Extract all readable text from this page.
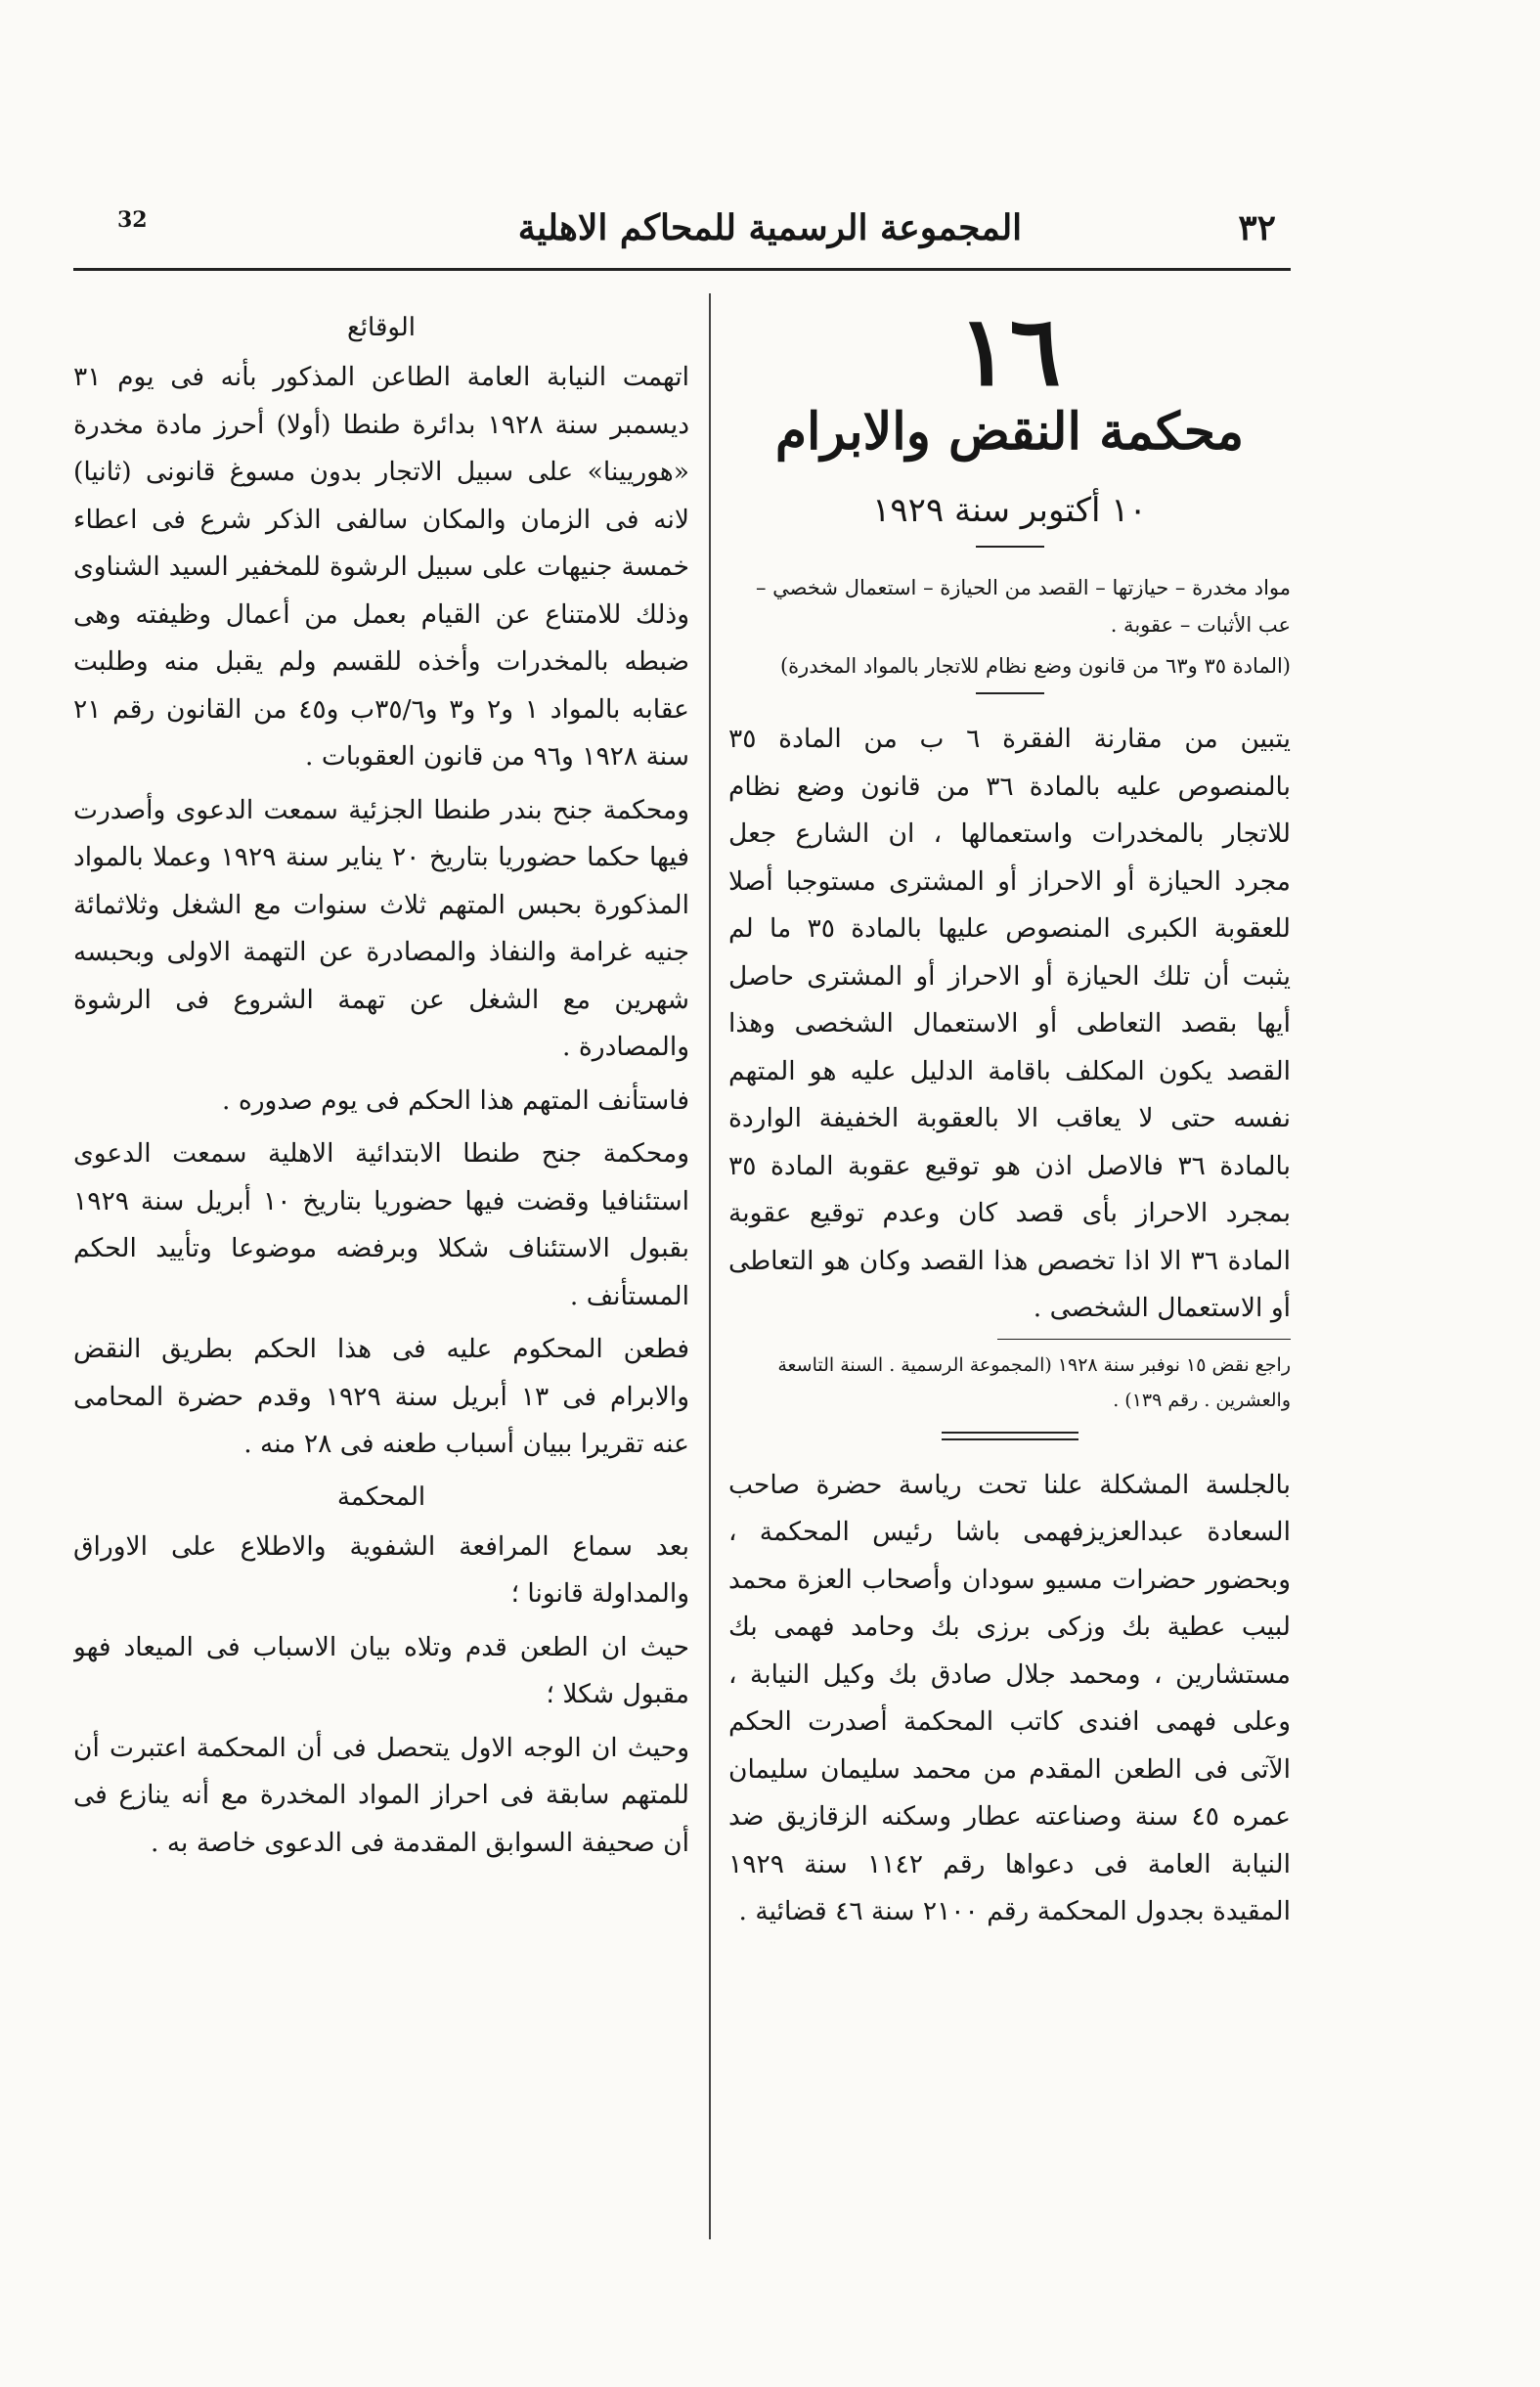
32	المجموعة الرسمية للمحاكم الاهلية	٣٢
١٦
محكمة النقض والابرام
١٠ أكتوبر سنة ١٩٢٩

مواد مخدرة – حيازتها – القصد من الحيازة – استعمال شخصي – عب الأثبات – عقوبة .

(المادة ٣٥ و٦٣ من قانون وضع نظام للاتجار بالمواد المخدرة)

يتبين من مقارنة الفقرة ٦ ب من المادة ٣٥ بالمنصوص عليه بالمادة ٣٦ من قانون وضع نظام للاتجار بالمخدرات واستعمالها ، ان الشارع جعل مجرد الحيازة أو الاحراز أو المشترى مستوجبا أصلا للعقوبة الكبرى المنصوص عليها بالمادة ٣٥ ما لم يثبت أن تلك الحيازة أو الاحراز أو المشترى حاصل أيها بقصد التعاطى أو الاستعمال الشخصى وهذا القصد يكون المكلف باقامة الدليل عليه هو المتهم نفسه حتى لا يعاقب الا بالعقوبة الخفيفة الواردة بالمادة ٣٦ فالاصل اذن هو توقيع عقوبة المادة ٣٥ بمجرد الاحراز بأى قصد كان وعدم توقيع عقوبة المادة ٣٦ الا اذا تخصص هذا القصد وكان هو التعاطى أو الاستعمال الشخصى .

راجع نقض ١٥ نوفبر سنة ١٩٢٨ (المجموعة الرسمية . السنة التاسعة والعشرين . رقم ١٣٩) .

بالجلسة المشكلة علنا تحت رياسة حضرة صاحب السعادة عبدالعزيزفهمى باشا رئيس المحكمة ، وبحضور حضرات مسيو سودان وأصحاب العزة محمد لبيب عطية بك وزكى برزى بك وحامد فهمى بك مستشارين ، ومحمد جلال صادق بك وكيل النيابة ، وعلى فهمى افندى كاتب المحكمة أصدرت الحكم الآتى فى الطعن المقدم من محمد سليمان سليمان عمره ٤٥ سنة وصناعته عطار وسكنه الزقازيق ضد النيابة العامة فى دعواها رقم ١١٤٢ سنة ١٩٢٩ المقيدة بجدول المحكمة رقم ٢١٠٠ سنة ٤٦ قضائية .

الوقائع

اتهمت النيابة العامة الطاعن المذكور بأنه فى يوم ٣١ ديسمبر سنة ١٩٢٨ بدائرة طنطا (أولا) أحرز مادة مخدرة «هوريينا» على سبيل الاتجار بدون مسوغ قانونى (ثانيا) لانه فى الزمان والمكان سالفى الذكر شرع فى اعطاء خمسة جنيهات على سبيل الرشوة للمخفير السيد الشناوى وذلك للامتناع عن القيام بعمل من أعمال وظيفته وهى ضبطه بالمخدرات وأخذه للقسم ولم يقبل منه وطلبت عقابه بالمواد ١ و٢ و٣ و٣٥/٦ب و٤٥ من القانون رقم ٢١ سنة ١٩٢٨ و٩٦ من قانون العقوبات .

ومحكمة جنح بندر طنطا الجزئية سمعت الدعوى وأصدرت فيها حكما حضوريا بتاريخ ٢٠ يناير سنة ١٩٢٩ وعملا بالمواد المذكورة بحبس المتهم ثلاث سنوات مع الشغل وثلاثمائة جنيه غرامة والنفاذ والمصادرة عن التهمة الاولى وبحبسه شهرين مع الشغل عن تهمة الشروع فى الرشوة والمصادرة .

فاستأنف المتهم هذا الحكم فى يوم صدوره .

ومحكمة جنح طنطا الابتدائية الاهلية سمعت الدعوى استئنافيا وقضت فيها حضوريا بتاريخ ١٠ أبريل سنة ١٩٢٩ بقبول الاستئناف شكلا وبرفضه موضوعا وتأييد الحكم المستأنف .

فطعن المحكوم عليه فى هذا الحكم بطريق النقض والابرام فى ١٣ أبريل سنة ١٩٢٩ وقدم حضرة المحامى عنه تقريرا ببيان أسباب طعنه فى ٢٨ منه .

المحكمة

بعد سماع المرافعة الشفوية والاطلاع على الاوراق والمداولة قانونا ؛

حيث ان الطعن قدم وتلاه بيان الاسباب فى الميعاد فهو مقبول شكلا ؛

وحيث ان الوجه الاول يتحصل فى أن المحكمة اعتبرت أن للمتهم سابقة فى احراز المواد المخدرة مع أنه ينازع فى أن صحيفة السوابق المقدمة فى الدعوى خاصة به .
